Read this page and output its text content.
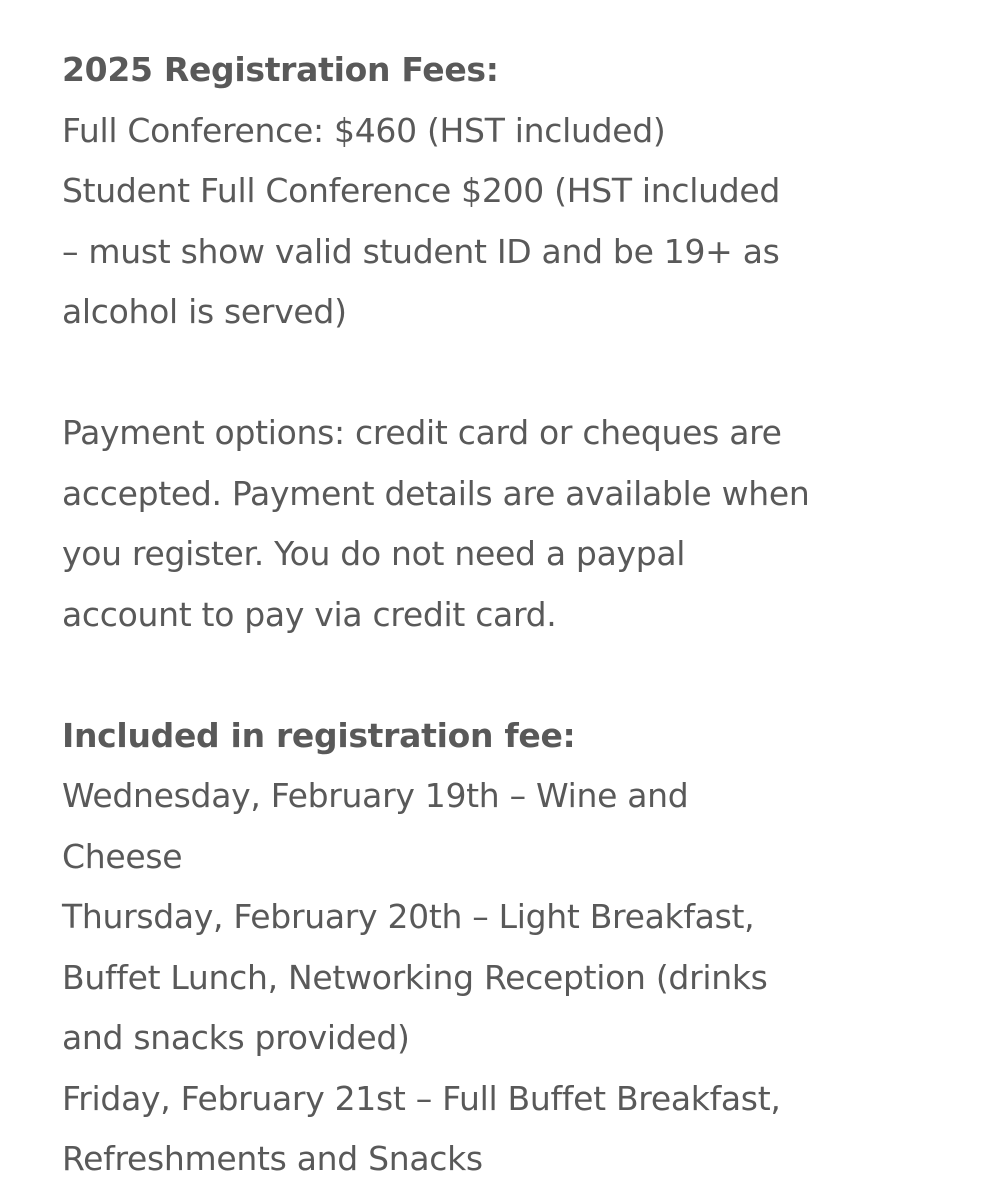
2025 Registration Fees:
Full Conference: $460 (HST included)
Student Full Conference $200 (HST included
– must show valid student ID and be 19+ as
alcohol is served)
Payment options: credit card or cheques are
accepted. Payment details are available when
you register. You do not need a paypal
account to pay via credit card.
Included in registration fee:
Wednesday, February 19th – Wine and
Cheese
Thursday, February 20th – Light Breakfast,
Buffet Lunch, Networking Reception (drinks
and snacks provided)
Friday, February 21st – Full Buffet Breakfast,
Refreshments and Snacks
